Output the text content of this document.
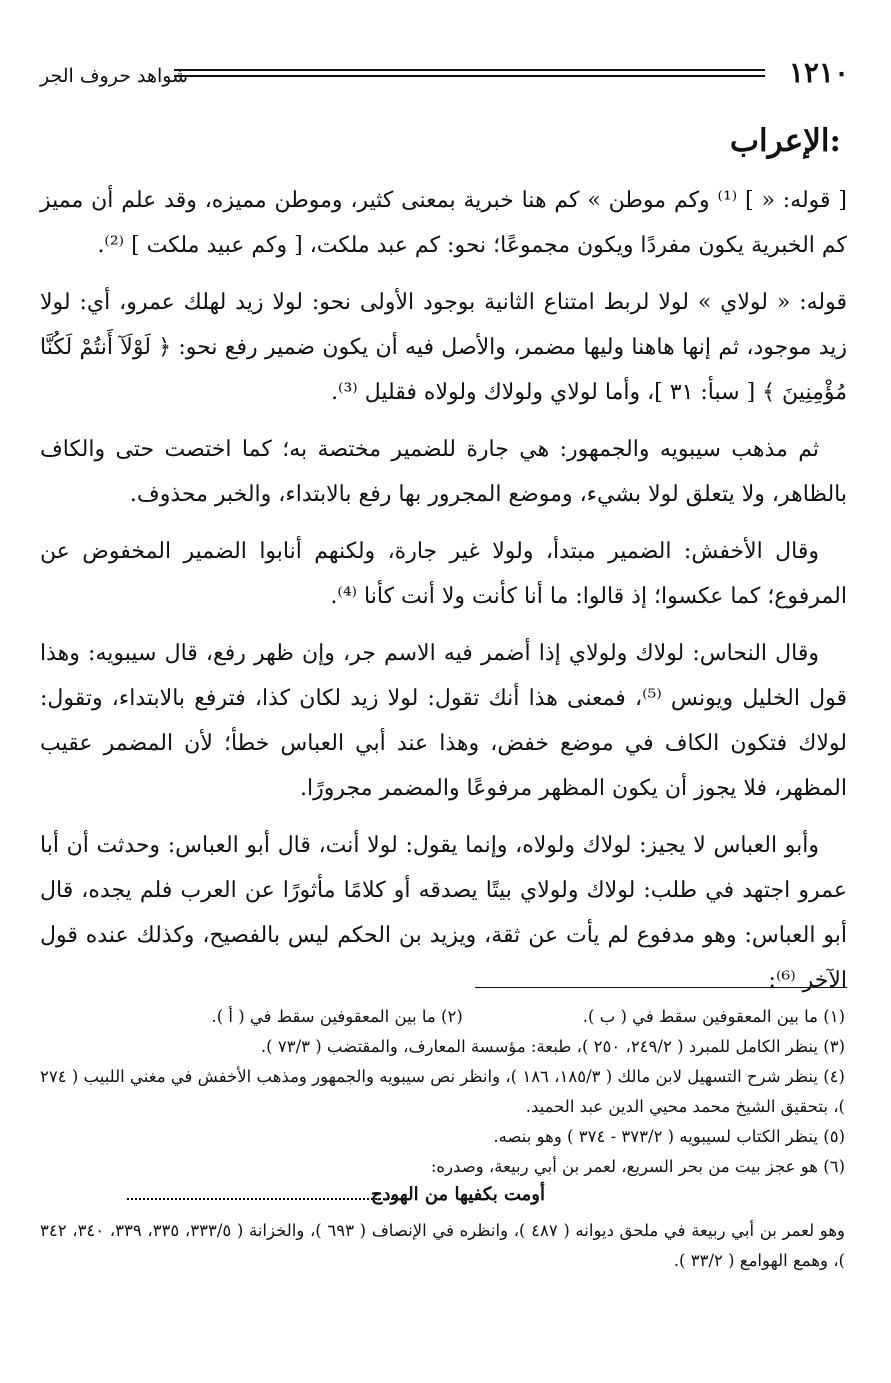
١٢١٠
شواهد حروف الجر
الإعراب:

[ قوله: « ] ⁽¹⁾ وكم موطن » كم هنا خبرية بمعنى كثير، وموطن مميزه، وقد علم أن مميز كم الخبرية يكون مفردًا ويكون مجموعًا؛ نحو: كم عبد ملكت، [ وكم عبيد ملكت ] ⁽²⁾.

قوله: « لولاي » لولا لربط امتناع الثانية بوجود الأولى نحو: لولا زيد لهلك عمرو، أي: لولا زيد موجود، ثم إنها هاهنا وليها مضمر، والأصل فيه أن يكون ضمير رفع نحو: ﴿ لَوْلَآ أَنتُمْ لَكُنَّا مُؤْمِنِينَ ﴾ [ سبأ: ٣١ ]، وأما لولاي ولولاك ولولاه فقليل ⁽³⁾.

ثم مذهب سيبويه والجمهور: هي جارة للضمير مختصة به؛ كما اختصت حتى والكاف بالظاهر، ولا يتعلق لولا بشيء، وموضع المجرور بها رفع بالابتداء، والخبر محذوف.

وقال الأخفش: الضمير مبتدأ، ولولا غير جارة، ولكنهم أنابوا الضمير المخفوض عن المرفوع؛ كما عكسوا؛ إذ قالوا: ما أنا كأنت ولا أنت كأنا ⁽⁴⁾.

وقال النحاس: لولاك ولولاي إذا أضمر فيه الاسم جر، وإن ظهر رفع، قال سيبويه: وهذا قول الخليل ويونس ⁽⁵⁾، فمعنى هذا أنك تقول: لولا زيد لكان كذا، فترفع بالابتداء، وتقول: لولاك فتكون الكاف في موضع خفض، وهذا عند أبي العباس خطأ؛ لأن المضمر عقيب المظهر، فلا يجوز أن يكون المظهر مرفوعًا والمضمر مجرورًا.

وأبو العباس لا يجيز: لولاك ولولاه، وإنما يقول: لولا أنت، قال أبو العباس: وحدثت أن أبا عمرو اجتهد في طلب: لولاك ولولاي بيتًا يصدقه أو كلامًا مأثورًا عن العرب فلم يجده، قال أبو العباس: وهو مدفوع لم يأت عن ثقة، ويزيد بن الحكم ليس بالفصيح، وكذلك عنده قول الآخر ⁽⁶⁾:

(١) ما بين المعقوفين سقط في ( ب ).
(٢) ما بين المعقوفين سقط في ( أ ).
(٣) ينظر الكامل للمبرد ( ٢٤٩/٢، ٢٥٠ )، طبعة: مؤسسة المعارف، والمقتضب ( ٧٣/٣ ).
(٤) ينظر شرح التسهيل لابن مالك ( ١٨٥/٣، ١٨٦ )، وانظر نص سيبويه والجمهور ومذهب الأخفش في مغني اللبيب ( ٢٧٤ )، بتحقيق الشيخ محمد محيي الدين عبد الحميد.
(٥) ينظر الكتاب لسيبويه ( ٣٧٣/٢ - ٣٧٤ ) وهو بنصه.
(٦) هو عجز بيت من بحر السريع، لعمر بن أبي ربيعة، وصدره:
أومت بكفيها من الهودج
وهو لعمر بن أبي ربيعة في ملحق ديوانه ( ٤٨٧ )، وانظره في الإنصاف ( ٦٩٣ )، والخزانة ( ٣٣٣/٥، ٣٣٥، ٣٣٩، ٣٤٠، ٣٤٢ )، وهمع الهوامع ( ٣٣/٢ ).
